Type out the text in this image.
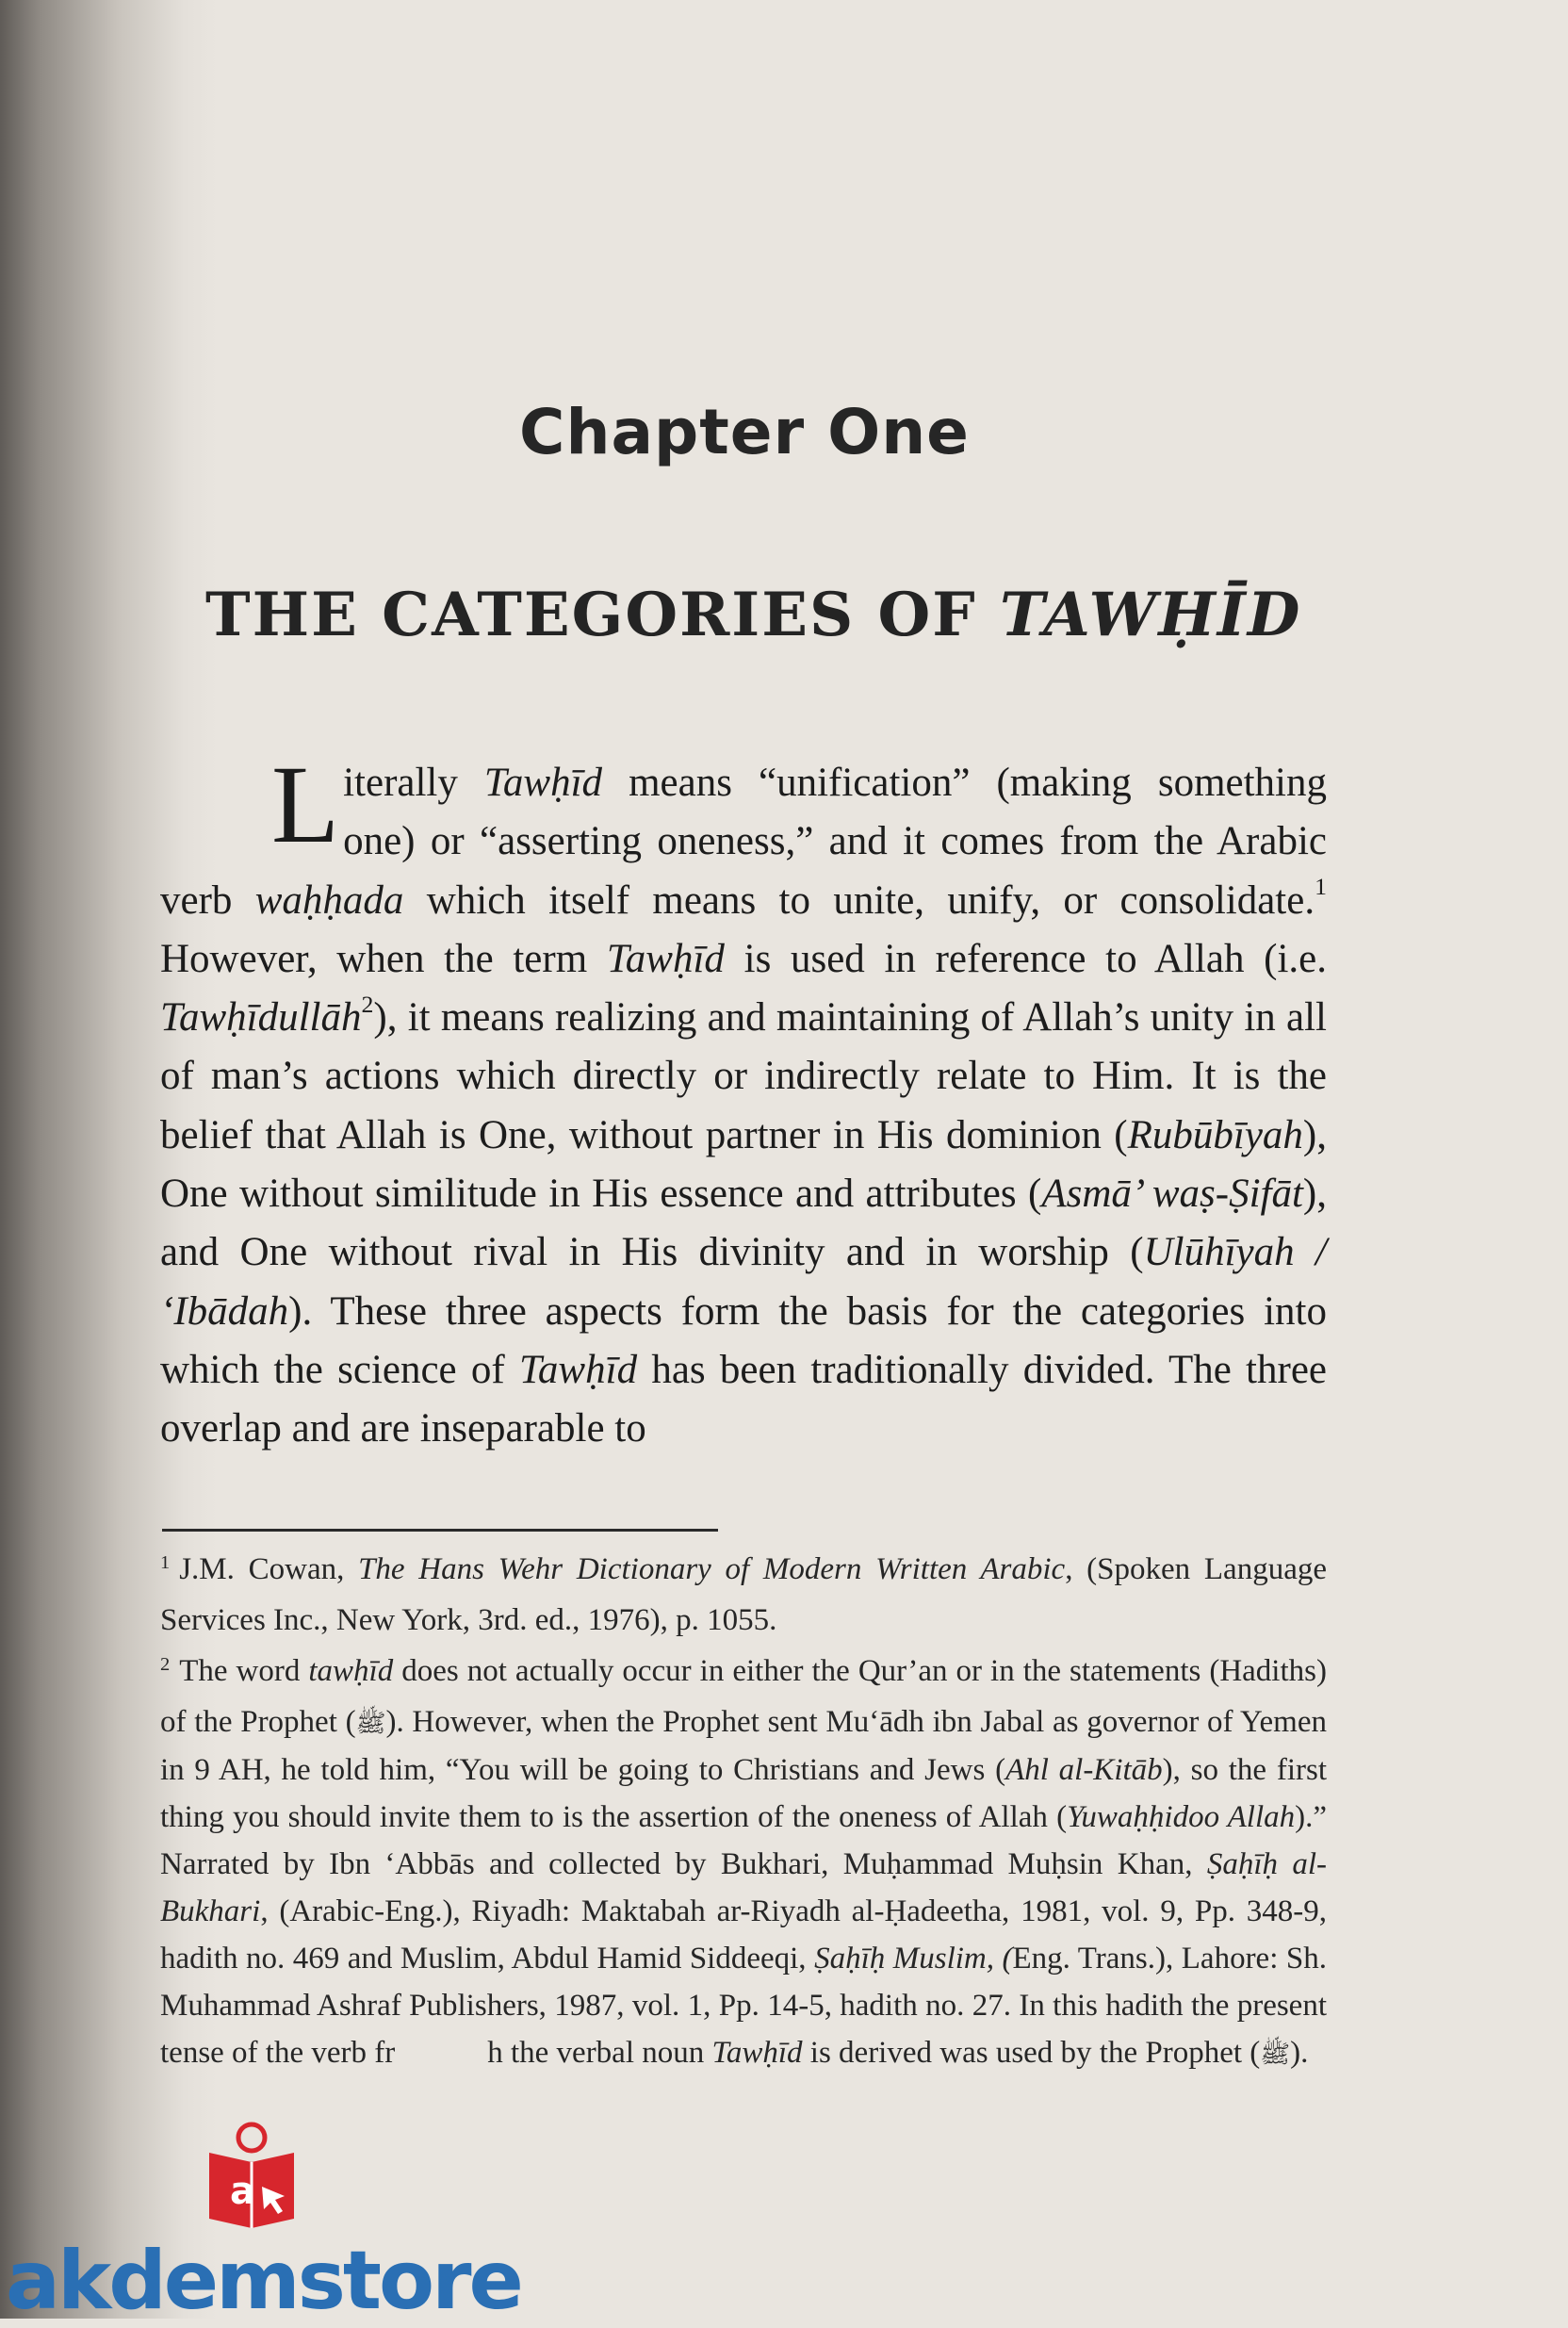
Chapter One
THE CATEGORIES OF TAWḤĪD

Literally Tawḥīd means “unification” (making something one) or “asserting oneness,” and it comes from the Arabic verb waḥḥada which itself means to unite, unify, or consolidate.$^1$ However, when the term Tawḥīd is used in reference to Allah (i.e. Tawḥīdullāh$^2$), it means realizing and maintaining of Allah’s unity in all of man’s actions which directly or indirectly relate to Him. It is the belief that Allah is One, without partner in His dominion (Rubūbīyah), One without similitude in His essence and attributes (Asmā’ waṣ-Ṣifāt), and One without rival in His divinity and in worship (Ulūhīyah / ‘Ibādah). These three aspects form the basis for the categories into which the science of Tawḥīd has been traditionally divided. The three overlap and are inseparable to

$^1$ J.M. Cowan, The Hans Wehr Dictionary of Modern Written Arabic, (Spoken Language Services Inc., New York, 3rd. ed., 1976), p. 1055.

$^2$ The word tawḥīd does not actually occur in either the Qur’an or in the statements (Hadiths) of the Prophet (ﷺ). However, when the Prophet sent Mu‘ādh ibn Jabal as governor of Yemen in 9 AH, he told him, “You will be going to Christians and Jews (Ahl al-Kitāb), so the first thing you should invite them to is the assertion of the oneness of Allah (Yuwaḥḥidoo Allah).” Narrated by Ibn ‘Abbās and collected by Bukhari, Muḥammad Muḥsin Khan, Ṣaḥīḥ al-Bukhari, (Arabic-Eng.), Riyadh: Maktabah ar-Riyadh al-Ḥadeetha, 1981, vol. 9, Pp. 348-9, hadith no. 469 and Muslim, Abdul Hamid Siddeeqi, Ṣaḥīḥ Muslim, (Eng. Trans.), Lahore: Sh. Muhammad Ashraf Publishers, 1987, vol. 1, Pp. 14-5, hadith no. 27. In this hadith the present tense of the verb fr	h the verbal noun Tawḥīd is derived was used by the Prophet (ﷺ).

a
akdemstore
